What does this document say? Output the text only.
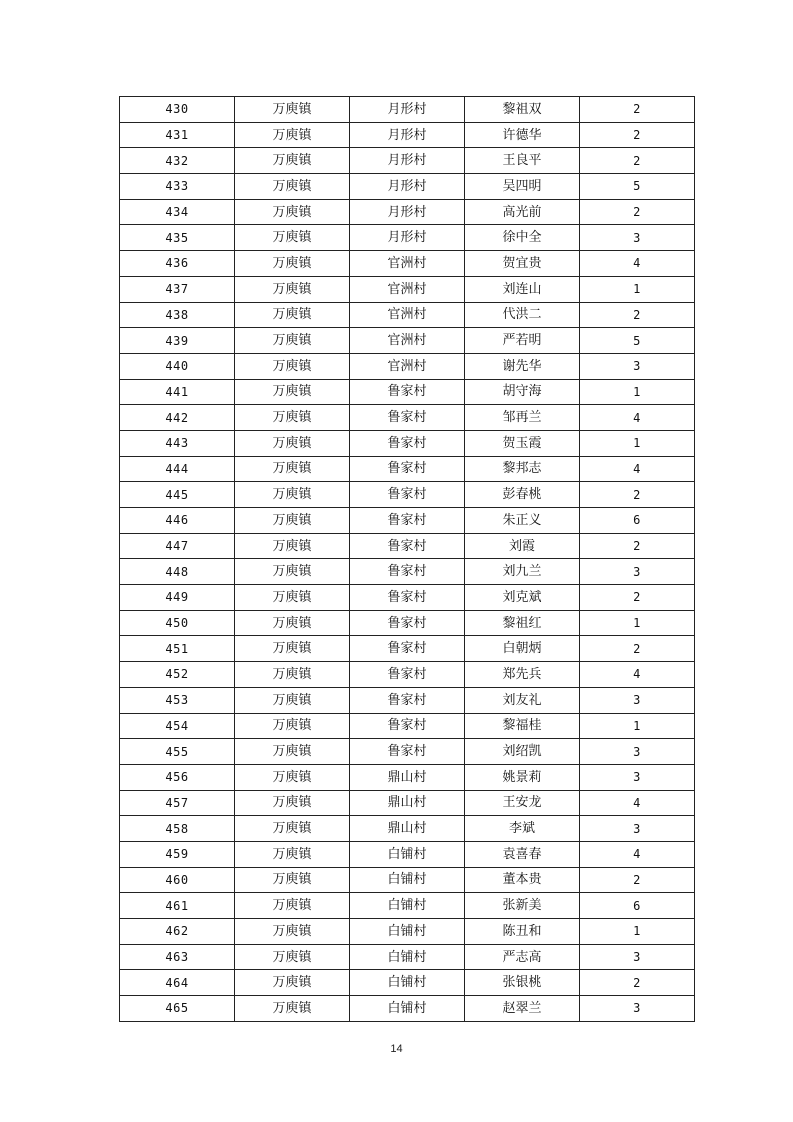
430	万庾镇	月形村	黎祖双	2
431	万庾镇	月形村	许德华	2
432	万庾镇	月形村	王良平	2
433	万庾镇	月形村	吴四明	5
434	万庾镇	月形村	高光前	2
435	万庾镇	月形村	徐中全	3
436	万庾镇	官洲村	贺宜贵	4
437	万庾镇	官洲村	刘连山	1
438	万庾镇	官洲村	代洪二	2
439	万庾镇	官洲村	严若明	5
440	万庾镇	官洲村	谢先华	3
441	万庾镇	鲁家村	胡守海	1
442	万庾镇	鲁家村	邹再兰	4
443	万庾镇	鲁家村	贺玉霞	1
444	万庾镇	鲁家村	黎邦志	4
445	万庾镇	鲁家村	彭春桃	2
446	万庾镇	鲁家村	朱正义	6
447	万庾镇	鲁家村	刘霞	2
448	万庾镇	鲁家村	刘九兰	3
449	万庾镇	鲁家村	刘克斌	2
450	万庾镇	鲁家村	黎祖红	1
451	万庾镇	鲁家村	白朝炳	2
452	万庾镇	鲁家村	郑先兵	4
453	万庾镇	鲁家村	刘友礼	3
454	万庾镇	鲁家村	黎福桂	1
455	万庾镇	鲁家村	刘绍凯	3
456	万庾镇	鼎山村	姚景莉	3
457	万庾镇	鼎山村	王安龙	4
458	万庾镇	鼎山村	李斌	3
459	万庾镇	白铺村	袁喜春	4
460	万庾镇	白铺村	董本贵	2
461	万庾镇	白铺村	张新美	6
462	万庾镇	白铺村	陈丑和	1
463	万庾镇	白铺村	严志高	3
464	万庾镇	白铺村	张银桃	2
465	万庾镇	白铺村	赵翠兰	3
14
